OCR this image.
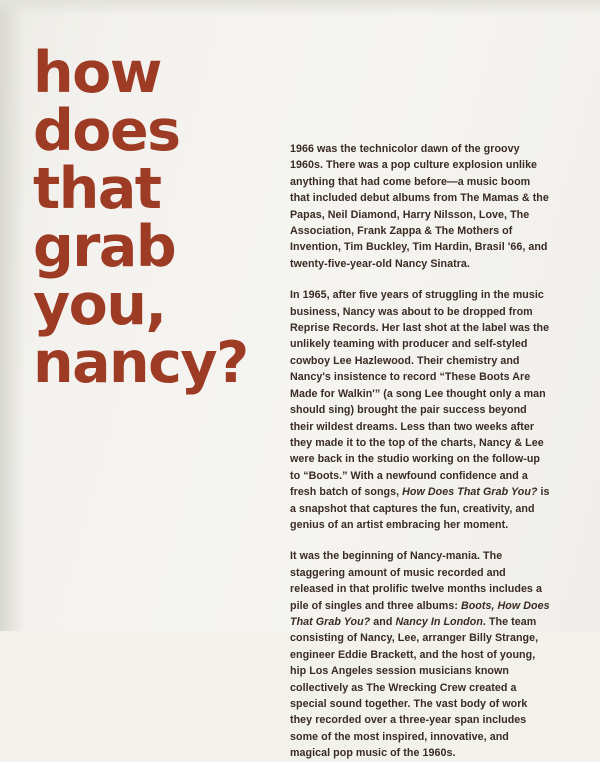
how
does
that
grab
you,
nancy?

1966 was the technicolor dawn of the groovy 1960s. There was a pop culture explosion unlike anything that had come before—a music boom that included debut albums from The Mamas & the Papas, Neil Diamond, Harry Nilsson, Love, The Association, Frank Zappa & The Mothers of Invention, Tim Buckley, Tim Hardin, Brasil '66, and twenty-five-year-old Nancy Sinatra.

In 1965, after five years of struggling in the music business, Nancy was about to be dropped from Reprise Records. Her last shot at the label was the unlikely teaming with producer and self-styled cowboy Lee Hazlewood. Their chemistry and Nancy's insistence to record “These Boots Are Made for Walkin'” (a song Lee thought only a man should sing) brought the pair success beyond their wildest dreams. Less than two weeks after they made it to the top of the charts, Nancy & Lee were back in the studio working on the follow-up to “Boots.” With a newfound confidence and a fresh batch of songs, How Does That Grab You? is a snapshot that captures the fun, creativity, and genius of an artist embracing her moment.

It was the beginning of Nancy-mania. The staggering amount of music recorded and released in that prolific twelve months includes a pile of singles and three albums: Boots, How Does That Grab You? and Nancy In London. The team consisting of Nancy, Lee, arranger Billy Strange, engineer Eddie Brackett, and the host of young, hip Los Angeles session musicians known collectively as The Wrecking Crew created a special sound together. The vast body of work they recorded over a three-year span includes some of the most inspired, innovative, and magical pop music of the 1960s.
